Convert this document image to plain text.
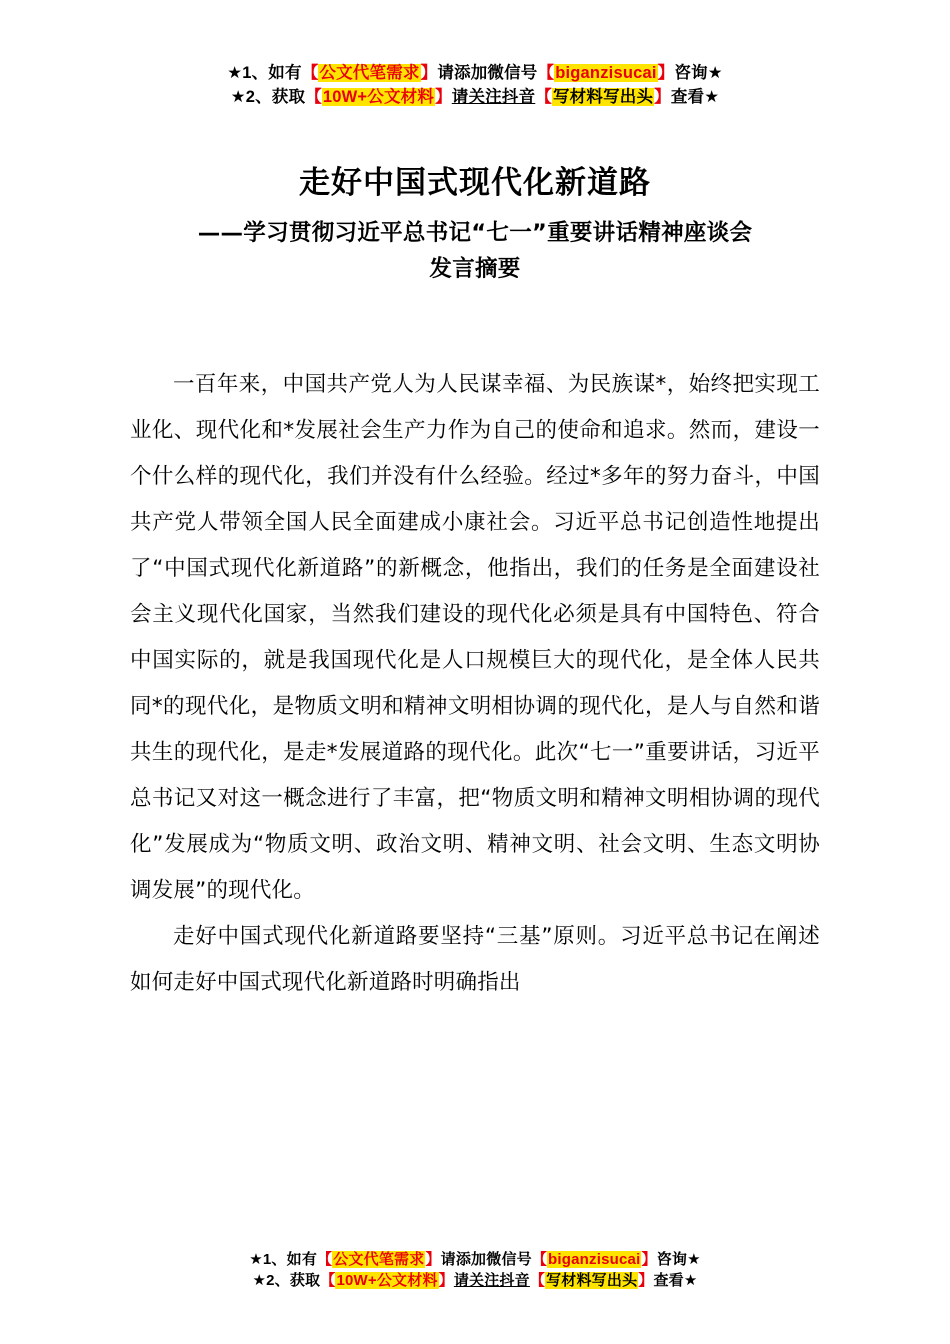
★1、如有【公文代笔需求】请添加微信号【biganzisucai】咨询★
★2、获取【10W+公文材料】请关注抖音【写材料写出头】查看★
走好中国式现代化新道路
——学习贯彻习近平总书记“七一”重要讲话精神座谈会
发言摘要

一百年来，中国共产党人为人民谋幸福、为民族谋*，始终把实现工业化、现代化和*发展社会生产力作为自己的使命和追求。然而，建设一个什么样的现代化，我们并没有什么经验。经过*多年的努力奋斗，中国共产党人带领全国人民全面建成小康社会。习近平总书记创造性地提出了“中国式现代化新道路”的新概念，他指出，我们的任务是全面建设社会主义现代化国家，当然我们建设的现代化必须是具有中国特色、符合中国实际的，就是我国现代化是人口规模巨大的现代化，是全体人民共同*的现代化，是物质文明和精神文明相协调的现代化，是人与自然和谐共生的现代化，是走*发展道路的现代化。此次“七一”重要讲话，习近平总书记又对这一概念进行了丰富，把“物质文明和精神文明相协调的现代化”发展成为“物质文明、政治文明、精神文明、社会文明、生态文明协调发展”的现代化。

走好中国式现代化新道路要坚持“三基”原则。习近平总书记在阐述如何走好中国式现代化新道路时明确指出

★1、如有【公文代笔需求】请添加微信号【biganzisucai】咨询★
★2、获取【10W+公文材料】请关注抖音【写材料写出头】查看★
